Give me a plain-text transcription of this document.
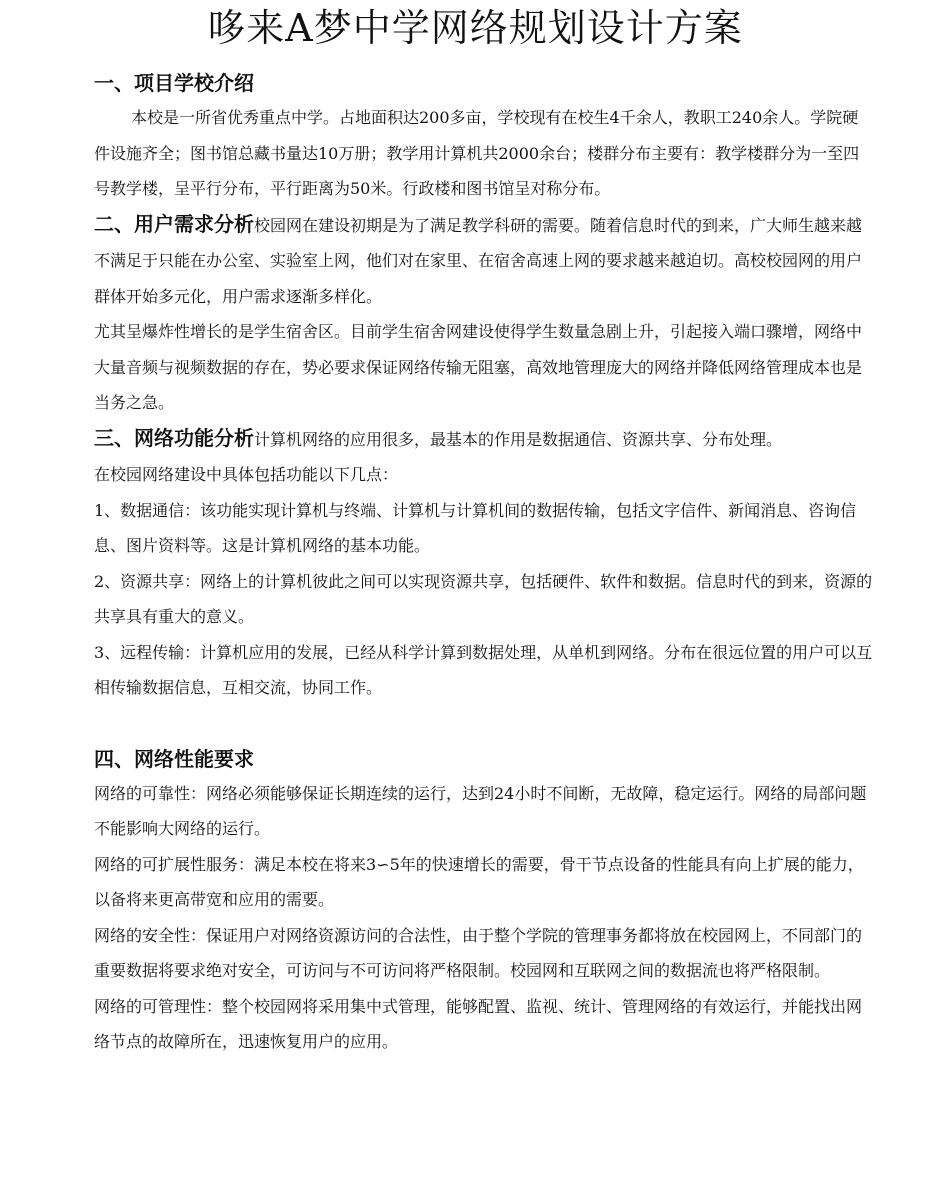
哆来A梦中学网络规划设计方案

一、项目学校介绍

本校是一所省优秀重点中学。占地面积达200多亩，学校现有在校生4千余人，教职工240余人。学院硬件设施齐全；图书馆总藏书量达10万册；教学用计算机共2000余台；楼群分布主要有：教学楼群分为一至四号教学楼，呈平行分布，平行距离为50米。行政楼和图书馆呈对称分布。

二、用户需求分析校园网在建设初期是为了满足教学科研的需要。随着信息时代的到来，广大师生越来越不满足于只能在办公室、实验室上网，他们对在家里、在宿舍高速上网的要求越来越迫切。高校校园网的用户群体开始多元化，用户需求逐渐多样化。

尤其呈爆炸性增长的是学生宿舍区。目前学生宿舍网建设使得学生数量急剧上升，引起接入端口骤增，网络中大量音频与视频数据的存在，势必要求保证网络传输无阻塞，高效地管理庞大的网络并降低网络管理成本也是当务之急。

三、网络功能分析计算机网络的应用很多，最基本的作用是数据通信、资源共享、分布处理。

在校园网络建设中具体包括功能以下几点：

1、数据通信：该功能实现计算机与终端、计算机与计算机间的数据传输，包括文字信件、新闻消息、咨询信息、图片资料等。这是计算机网络的基本功能。

2、资源共享：网络上的计算机彼此之间可以实现资源共享，包括硬件、软件和数据。信息时代的到来，资源的共享具有重大的意义。

3、远程传输：计算机应用的发展，已经从科学计算到数据处理，从单机到网络。分布在很远位置的用户可以互相传输数据信息，互相交流，协同工作。

四、网络性能要求

网络的可靠性：网络必须能够保证长期连续的运行，达到24小时不间断，无故障，稳定运行。网络的局部问题不能影响大网络的运行。

网络的可扩展性服务：满足本校在将来3∽5年的快速增长的需要，骨干节点设备的性能具有向上扩展的能力，以备将来更高带宽和应用的需要。

网络的安全性：保证用户对网络资源访问的合法性，由于整个学院的管理事务都将放在校园网上，不同部门的重要数据将要求绝对安全，可访问与不可访问将严格限制。校园网和互联网之间的数据流也将严格限制。

网络的可管理性：整个校园网将采用集中式管理，能够配置、监视、统计、管理网络的有效运行，并能找出网络节点的故障所在，迅速恢复用户的应用。
